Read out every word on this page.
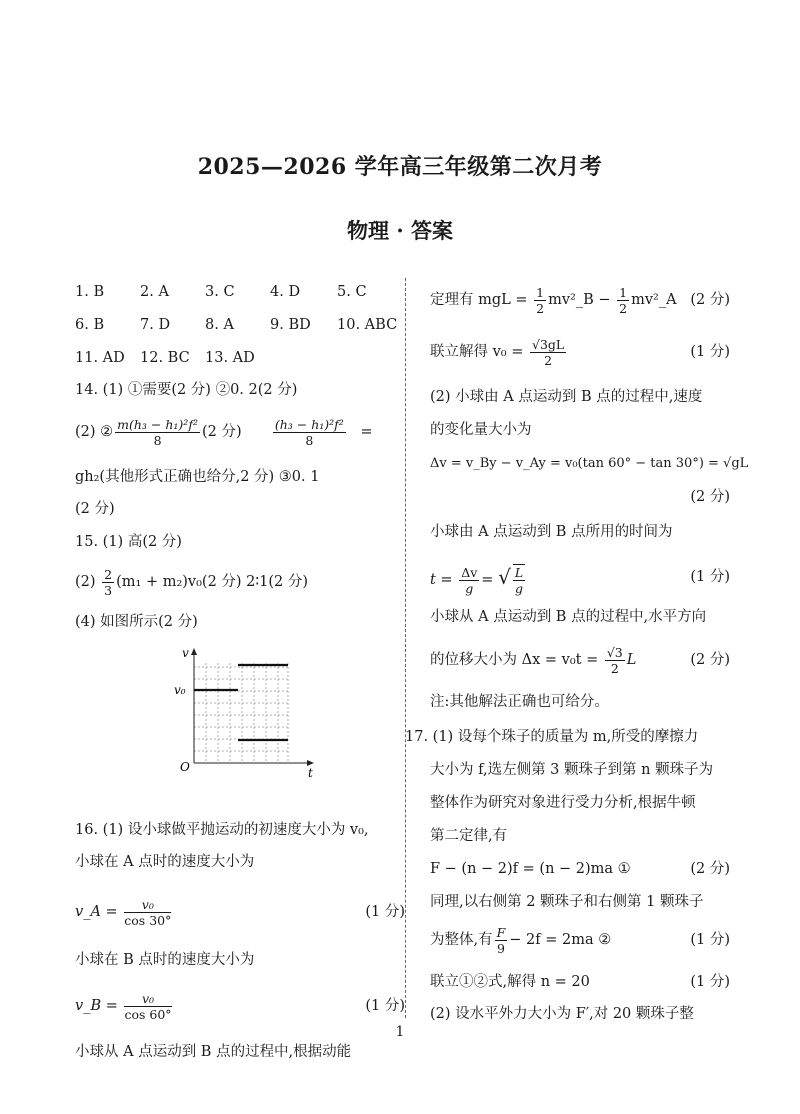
2025—2026 学年高三年级第二次月考
物理 · 答案
1. B 2. A 3. C 4. D	5. C
6. B 7. D 8. A 9. BD 10. ABC
11. AD 12. BC 13. AD
14. (1) ①需要(2 分) ②0. 2(2 分)
(2) ② $\frac{\text{m(h₃ − h₁)²f²}}{8} (2$ 分) $\frac{\text{(h₃ − h₁)²f²}}{8}$ =
gh₂(其他形式正确也给分,2 分) ③0. 1
(2 分)
15. (1) 高(2 分)
$(2) \frac{2}{3} (m_1 + m_2)v_0(2$ 分) 2∶1(2 分)
(4) 如图所示(2 分)
16. (1) 设小球做平抛运动的初速度大小为 v₀,
小球在 A 点时的速度大小为
v_A = $\frac{\text{v₀}}{\cos 30^\circ}$	(1 分)
小球在 B 点时的速度大小为
v_B = $\frac{\text{v₀}}{\cos 60^\circ}$	(1 分)
小球从 A 点运动到 B 点的过程中,根据动能
v
t
O
v₀
定理有 mgL = $\frac{1}{2}$ mv²_B − $\frac{1}{2}$ mv²_A (2 分)
联立解得 $v_0 = \frac{√3gL}{2}$	(1 分)
(2) 小球由 A 点运动到 B 点的过程中,速度
的变化量大小为
Δv = v_By − v_Ay = v₀(tan 60° − tan 30°) = √gL
(2 分)
小球由 A 点运动到 B 点所用的时间为
$t = \frac{\Delta v}{g}$ = √ $\frac{L}{g}$	(1 分)
小球从 A 点运动到 B 点的过程中,水平方向
的位移大小为 $\Delta x = v_0t = \frac{√3}{2}$ L	(2 分)
注:其他解法正确也可给分。
17. (1) 设每个珠子的质量为 m,所受的摩擦力
大小为 f,选左侧第 3 颗珠子到第 n 颗珠子为
整体作为研究对象进行受力分析,根据牛顿
第二定律,有
F − (n − 2)f = (n − 2)ma ①	(2 分)
同理,以右侧第 2 颗珠子和右侧第 1 颗珠子
为整体,有 $\frac{F}{9} - 2f = 2ma$ ②	(1 分)
联立①②式,解得 n = 20	(1 分)
(2) 设水平外力大小为 F′,对 20 颗珠子整
1
